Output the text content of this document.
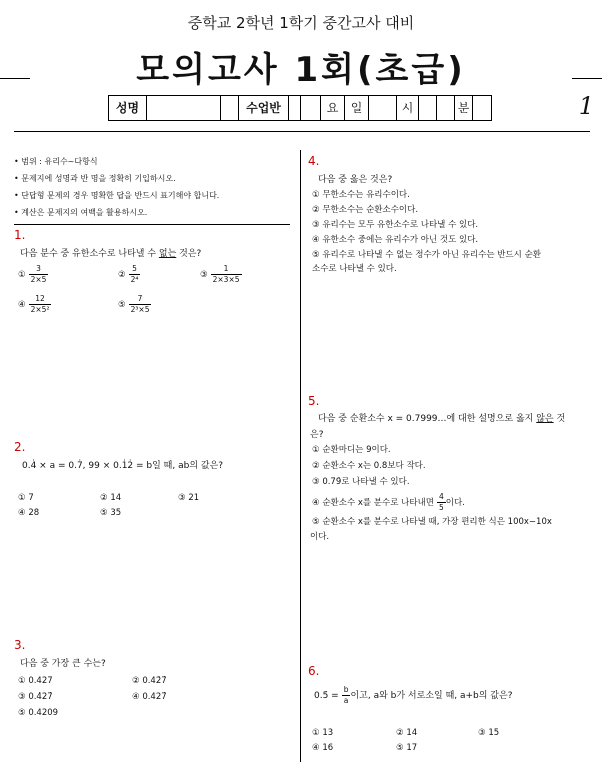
중학교 2학년 1학기 중간고사 대비
모의고사 1회(초급)
성명	수업반	요	일	시	분	1
• 범위 : 유리수~다항식
• 문제지에 성명과 반 명을 정확히 기입하시오.
• 단답형 문제의 경우 명확한 답을 반드시 표기해야 합니다.
• 계산은 문제지의 여백을 활용하시오.
1.
다음 분수 중 유한소수로 나타낼 수 없는 것은?
① $\frac{3}{2\times 5}$	② $\frac{5}{\text{2⁴}}$	③ $\frac{1}{2\times 3\times 5}$
④ $\frac{12}{\text{2×5²}}$	⑤ $\frac{7}{\text{2³×5}}$
2.
0.4̇ × a = 0.7̇, 99 × 0.1̇2̇ = b일 때, ab의 값은?
① 7	② 14	③ 21
④ 28	⑤ 35
3.
다음 중 가장 큰 수는?
① 0.427	② 0.42̇7̇
③ 0.4̇27̇	④ 0.427̇
⑤ 0.4209
4.
다음 중 옳은 것은?
① 무한소수는 유리수이다.
② 무한소수는 순환소수이다.
③ 유리수는 모두 유한소수로 나타낼 수 있다.
④ 유한소수 중에는 유리수가 아닌 것도 있다.
⑤ 유리수로 나타낼 수 없는 정수가 아닌 유리수는 반드시 순환
소수로 나타낼 수 있다.
5.
다음 중 순환소수 x = 0.7999…에 대한 설명으로 옳지 않은 것
은?
① 순환마디는 9이다.
② 순환소수 x는 0.8보다 작다.
③ 0.79̇로 나타낼 수 있다.
④ 순환소수 x를 분수로 나타내면 $\frac{4}{5}$ 이다.
⑤ 순환소수 x를 분수로 나타낼 때, 가장 편리한 식은 100x−10x
이다.
6.
0.5̇ = $\frac{b}{a}$ 이고, a와 b가 서로소일 때, a+b의 값은?
① 13	② 14	③ 15
④ 16	⑤ 17
